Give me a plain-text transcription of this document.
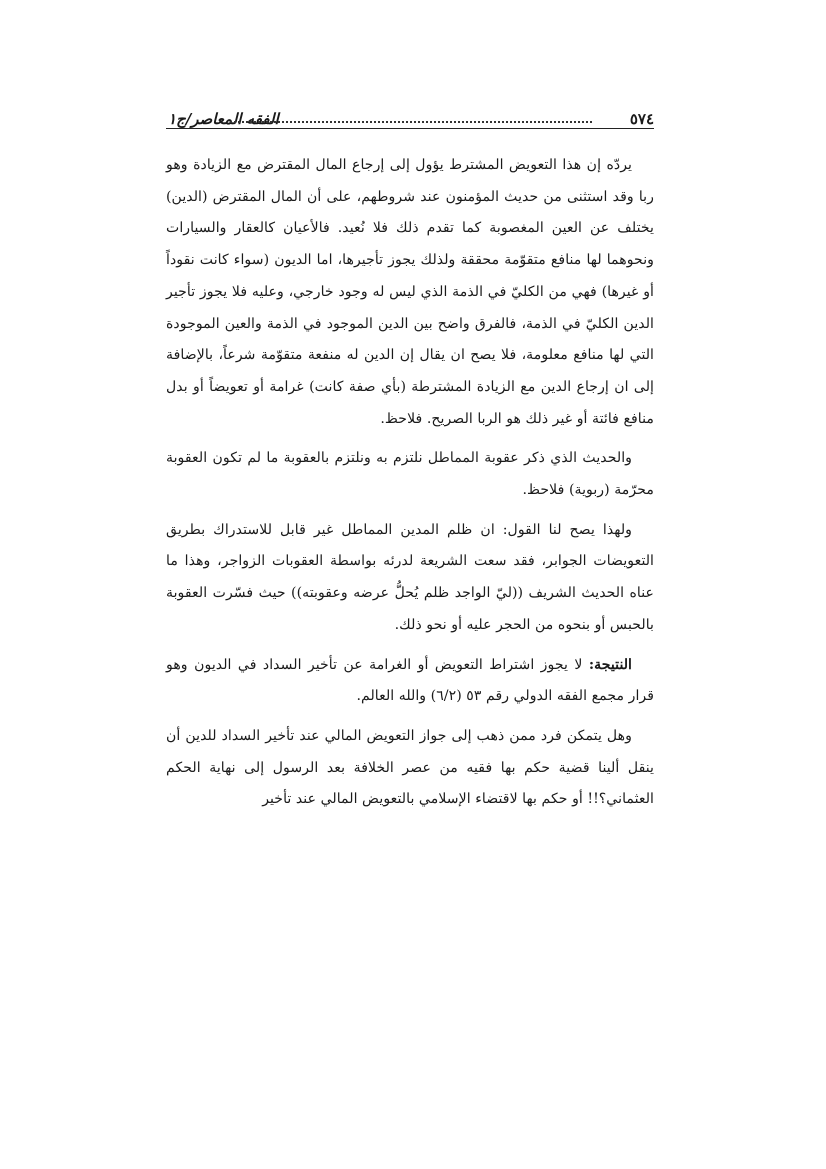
الفقه المعاصر/ج١	٥٧٤

يردّه إن هذا التعويض المشترط يؤول إلى إرجاع المال المقترض مع الزيادة وهو ربا وقد استثنى من حديث المؤمنون عند شروطهم، على أن المال المقترض (الدين) يختلف عن العين المغصوبة كما تقدم ذلك فلا نُعيد. فالأعيان كالعقار والسيارات ونحوهما لها منافع متقوّمة محققة ولذلك يجوز تأجيرها، اما الديون (سواء كانت نقوداً أو غيرها) فهي من الكليّ في الذمة الذي ليس له وجود خارجي، وعليه فلا يجوز تأجير الدين الكليّ في الذمة، فالفرق واضح بين الدين الموجود في الذمة والعين الموجودة التي لها منافع معلومة، فلا يصح ان يقال إن الدين له منفعة متقوّمة شرعاً، بالإضافة إلى ان إرجاع الدين مع الزيادة المشترطة (بأي صفة كانت) غرامة أو تعويضاً أو بدل منافع فائتة أو غير ذلك هو الربا الصريح. فلاحظ.

والحديث الذي ذكر عقوبة المماطل نلتزم به ونلتزم بالعقوبة ما لم تكون العقوبة محرّمة (ربوية) فلاحظ.

ولهذا يصح لنا القول: ان ظلم المدين المماطل غير قابل للاستدراك بطريق التعويضات الجوابر، فقد سعت الشريعة لدرئه بواسطة العقوبات الزواجر، وهذا ما عناه الحديث الشريف ((ليّ الواجد ظلم يُحلُّ عرضه وعقوبته)) حيث فسّرت العقوبة بالحبس أو بنحوه من الحجر عليه أو نحو ذلك.

النتيجة: لا يجوز اشتراط التعويض أو الغرامة عن تأخير السداد في الديون وهو قرار مجمع الفقه الدولي رقم ٥٣ (٦/٢) والله العالم.

وهل يتمكن فرد ممن ذهب إلى جواز التعويض المالي عند تأخير السداد للدين أن ينقل ألينا قضية حكم بها فقيه من عصر الخلافة بعد الرسول إلى نهاية الحكم العثماني؟!! أو حكم بها لاقتضاء الإسلامي بالتعويض المالي عند تأخير
